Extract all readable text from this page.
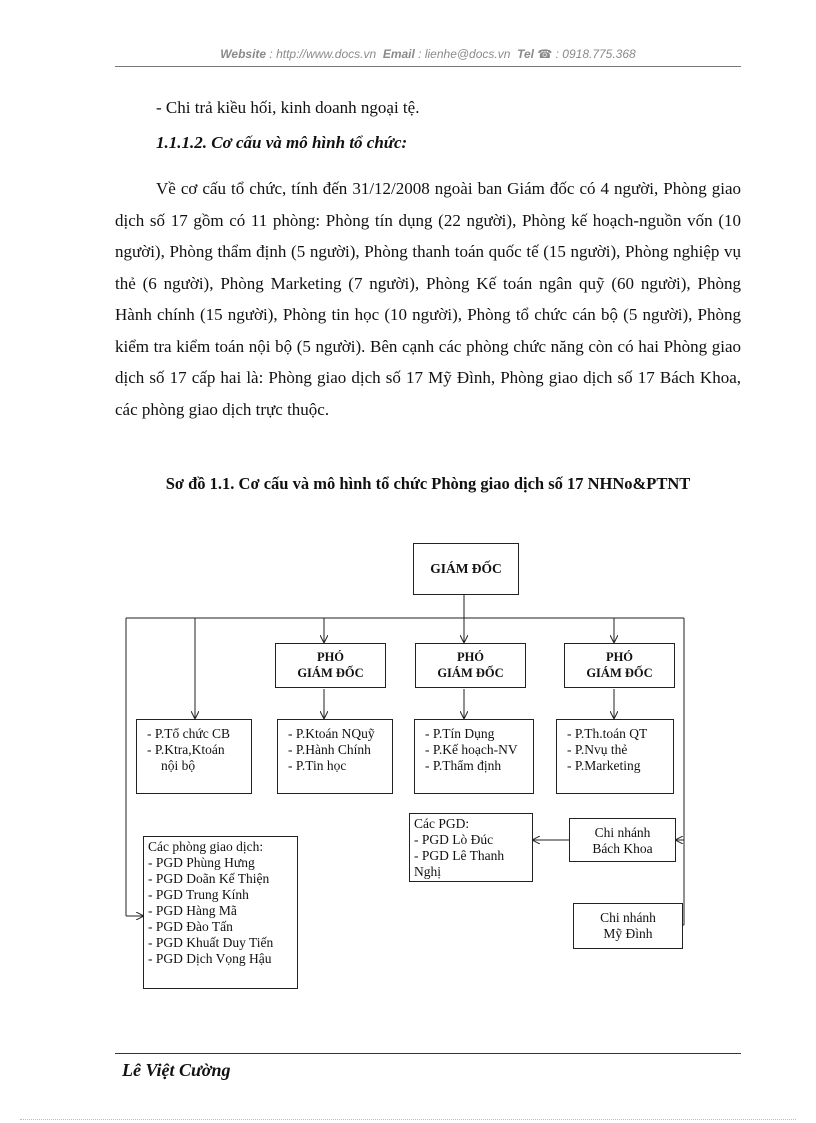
Website : http://www.docs.vn Email : lienhe@docs.vn Tel ☎ : 0918.775.368
- Chi trả kiều hối, kinh doanh ngoại tệ.
1.1.1.2. Cơ cấu và mô hình tổ chức:
Về cơ cấu tổ chức, tính đến 31/12/2008 ngoài ban Giám đốc có 4 người, Phòng giao dịch số 17 gồm có 11 phòng: Phòng tín dụng (22 người), Phòng kế hoạch-nguồn vốn (10 người), Phòng thẩm định (5 người), Phòng thanh toán quốc tế (15 người), Phòng nghiệp vụ thẻ (6 người), Phòng Marketing (7 người), Phòng Kế toán ngân quỹ (60 người), Phòng Hành chính (15 người), Phòng tin học (10 người), Phòng tổ chức cán bộ (5 người), Phòng kiểm tra kiểm toán nội bộ (5 người). Bên cạnh các phòng chức năng còn có hai Phòng giao dịch số 17 cấp hai là: Phòng giao dịch số 17 Mỹ Đình, Phòng giao dịch số 17 Bách Khoa, các phòng giao dịch trực thuộc.
Sơ đồ 1.1. Cơ cấu và mô hình tổ chức Phòng giao dịch số 17 NHNo&PTNT
GIÁM ĐỐC
PHÓ
GIÁM ĐỐC
PHÓ
GIÁM ĐỐC
PHÓ
GIÁM ĐỐC
- P.Tổ chức CB
- P.Ktra,Ktoán
nội bộ
- P.Ktoán NQuỹ
- P.Hành Chính
- P.Tin học
- P.Tín Dụng
- P.Kế hoạch-NV
- P.Thẩm định
- P.Th.toán QT
- P.Nvụ thẻ
- P.Marketing
Các phòng giao dịch:
- PGD Phùng Hưng
- PGD Doãn Kế Thiện
- PGD Trung Kính
- PGD Hàng Mã
- PGD Đào Tấn
- PGD Khuất Duy Tiến
- PGD Dịch Vọng Hậu
Các PGD:
- PGD Lò Đúc
- PGD Lê Thanh
Nghị
Chi nhánh
Bách Khoa
Chi nhánh
Mỹ Đình
Lê Việt Cường
